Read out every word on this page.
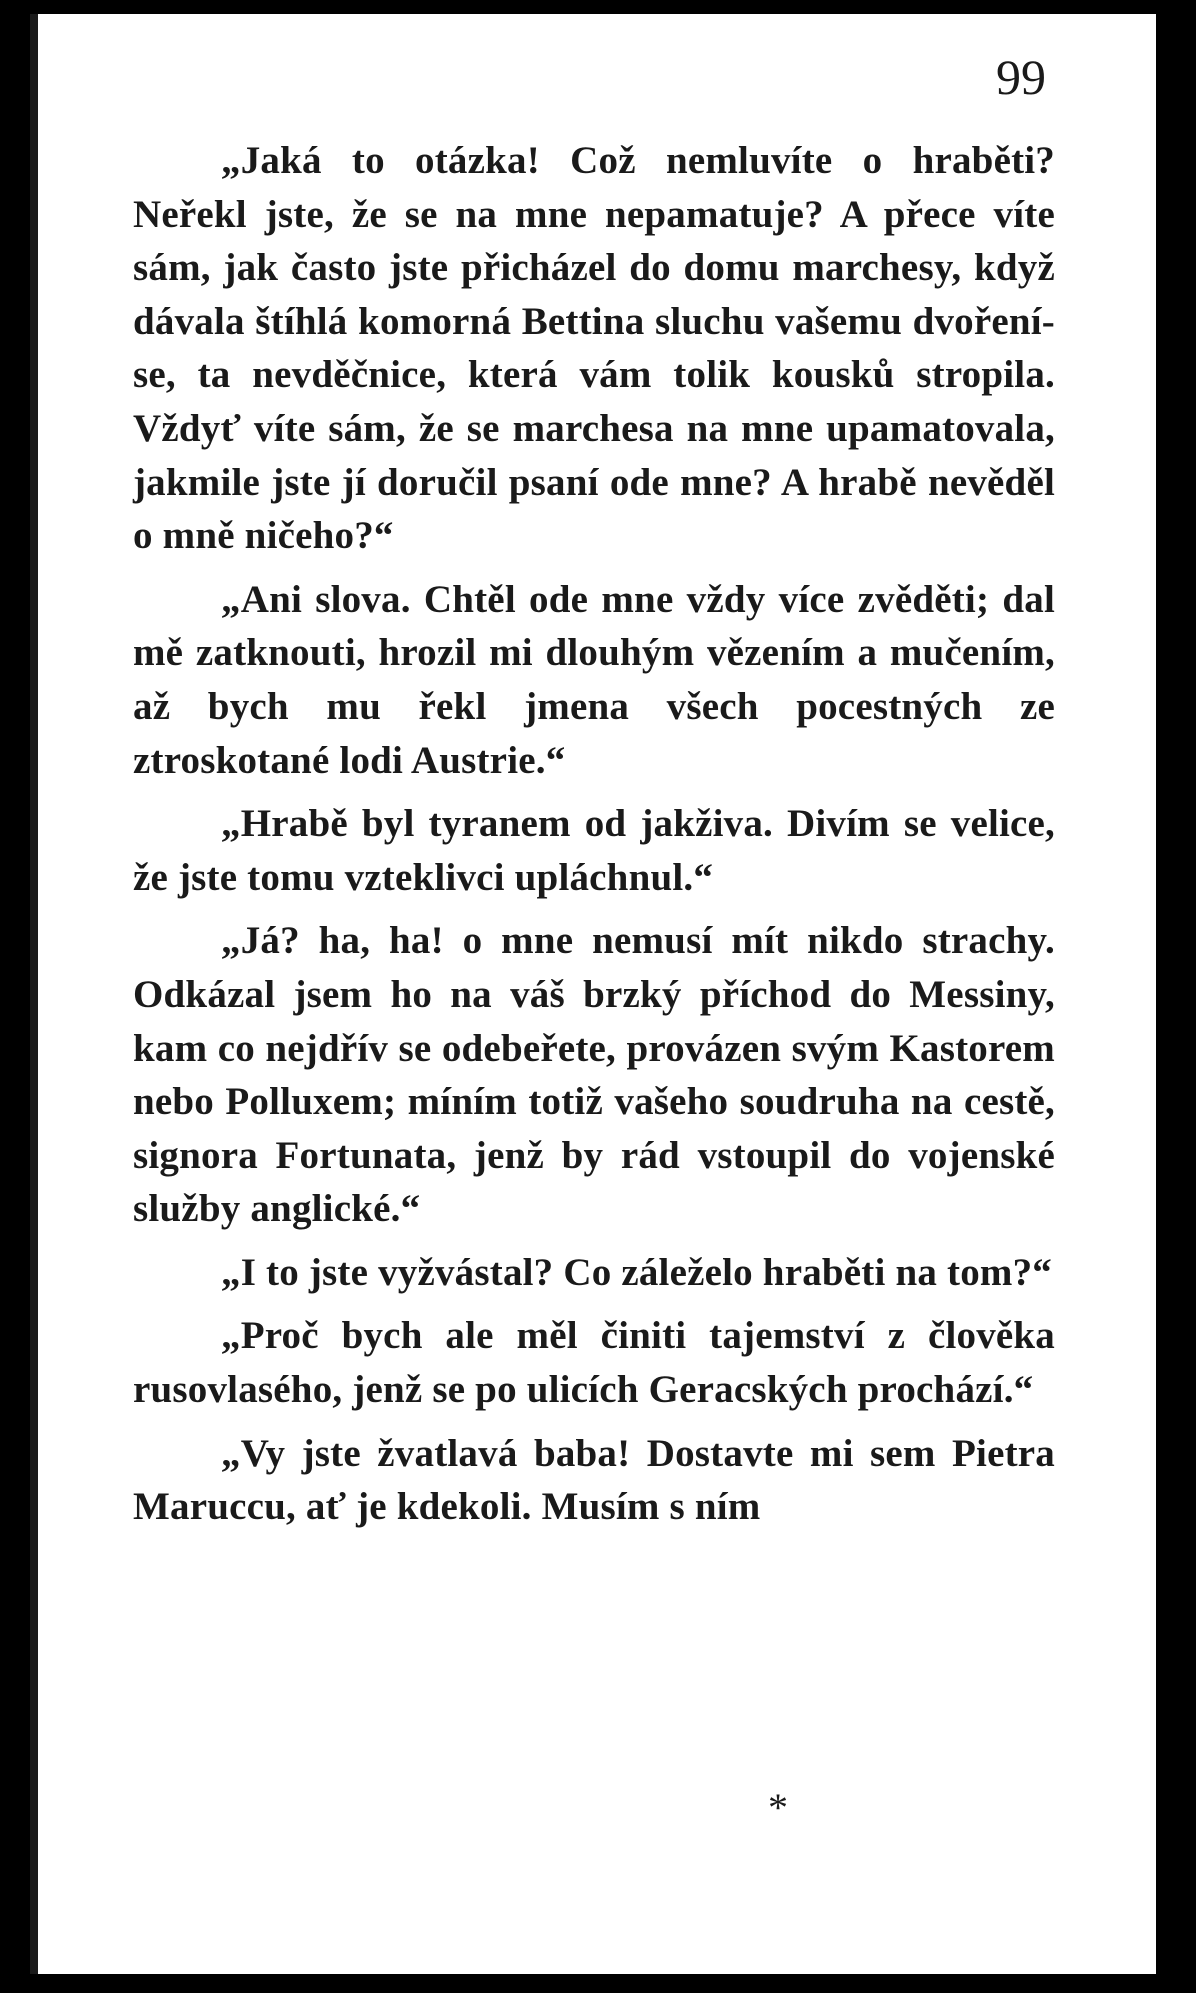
99

„Jaká to otázka! Což nemluvíte o hraběti? Neřekl jste, že se na mne nepamatuje? A přece víte sám, jak často jste přicházel do domu marchesy, když dávala štíhlá komorná Bettina sluchu vašemu dvoření-se, ta nevděčnice, která vám tolik kousků stropila. Vždyť víte sám, že se marchesa na mne upamatovala, jakmile jste jí doručil psaní ode mne? A hrabě nevěděl o mně ničeho?“

„Ani slova. Chtěl ode mne vždy více zvěděti; dal mě zatknouti, hrozil mi dlouhým vězením a mučením, až bych mu řekl jmena všech pocestných ze ztroskotané lodi Austrie.“

„Hrabě byl tyranem od jakživa. Divím se velice, že jste tomu vzteklivci upláchnul.“

„Já? ha, ha! o mne nemusí mít nikdo strachy. Odkázal jsem ho na váš brzký příchod do Messiny, kam co nejdřív se odebeřete, provázen svým Kastorem nebo Polluxem; míním totiž vašeho soudruha na cestě, signora Fortunata, jenž by rád vstoupil do vojenské služby anglické.“

„I to jste vyžvástal? Co záleželo hraběti na tom?“

„Proč bych ale měl činiti tajemství z člověka rusovlasého, jenž se po ulicích Geracských prochází.“

„Vy jste žvatlavá baba! Dostavte mi sem Pietra Maruccu, ať je kdekoli. Musím s ním

*
